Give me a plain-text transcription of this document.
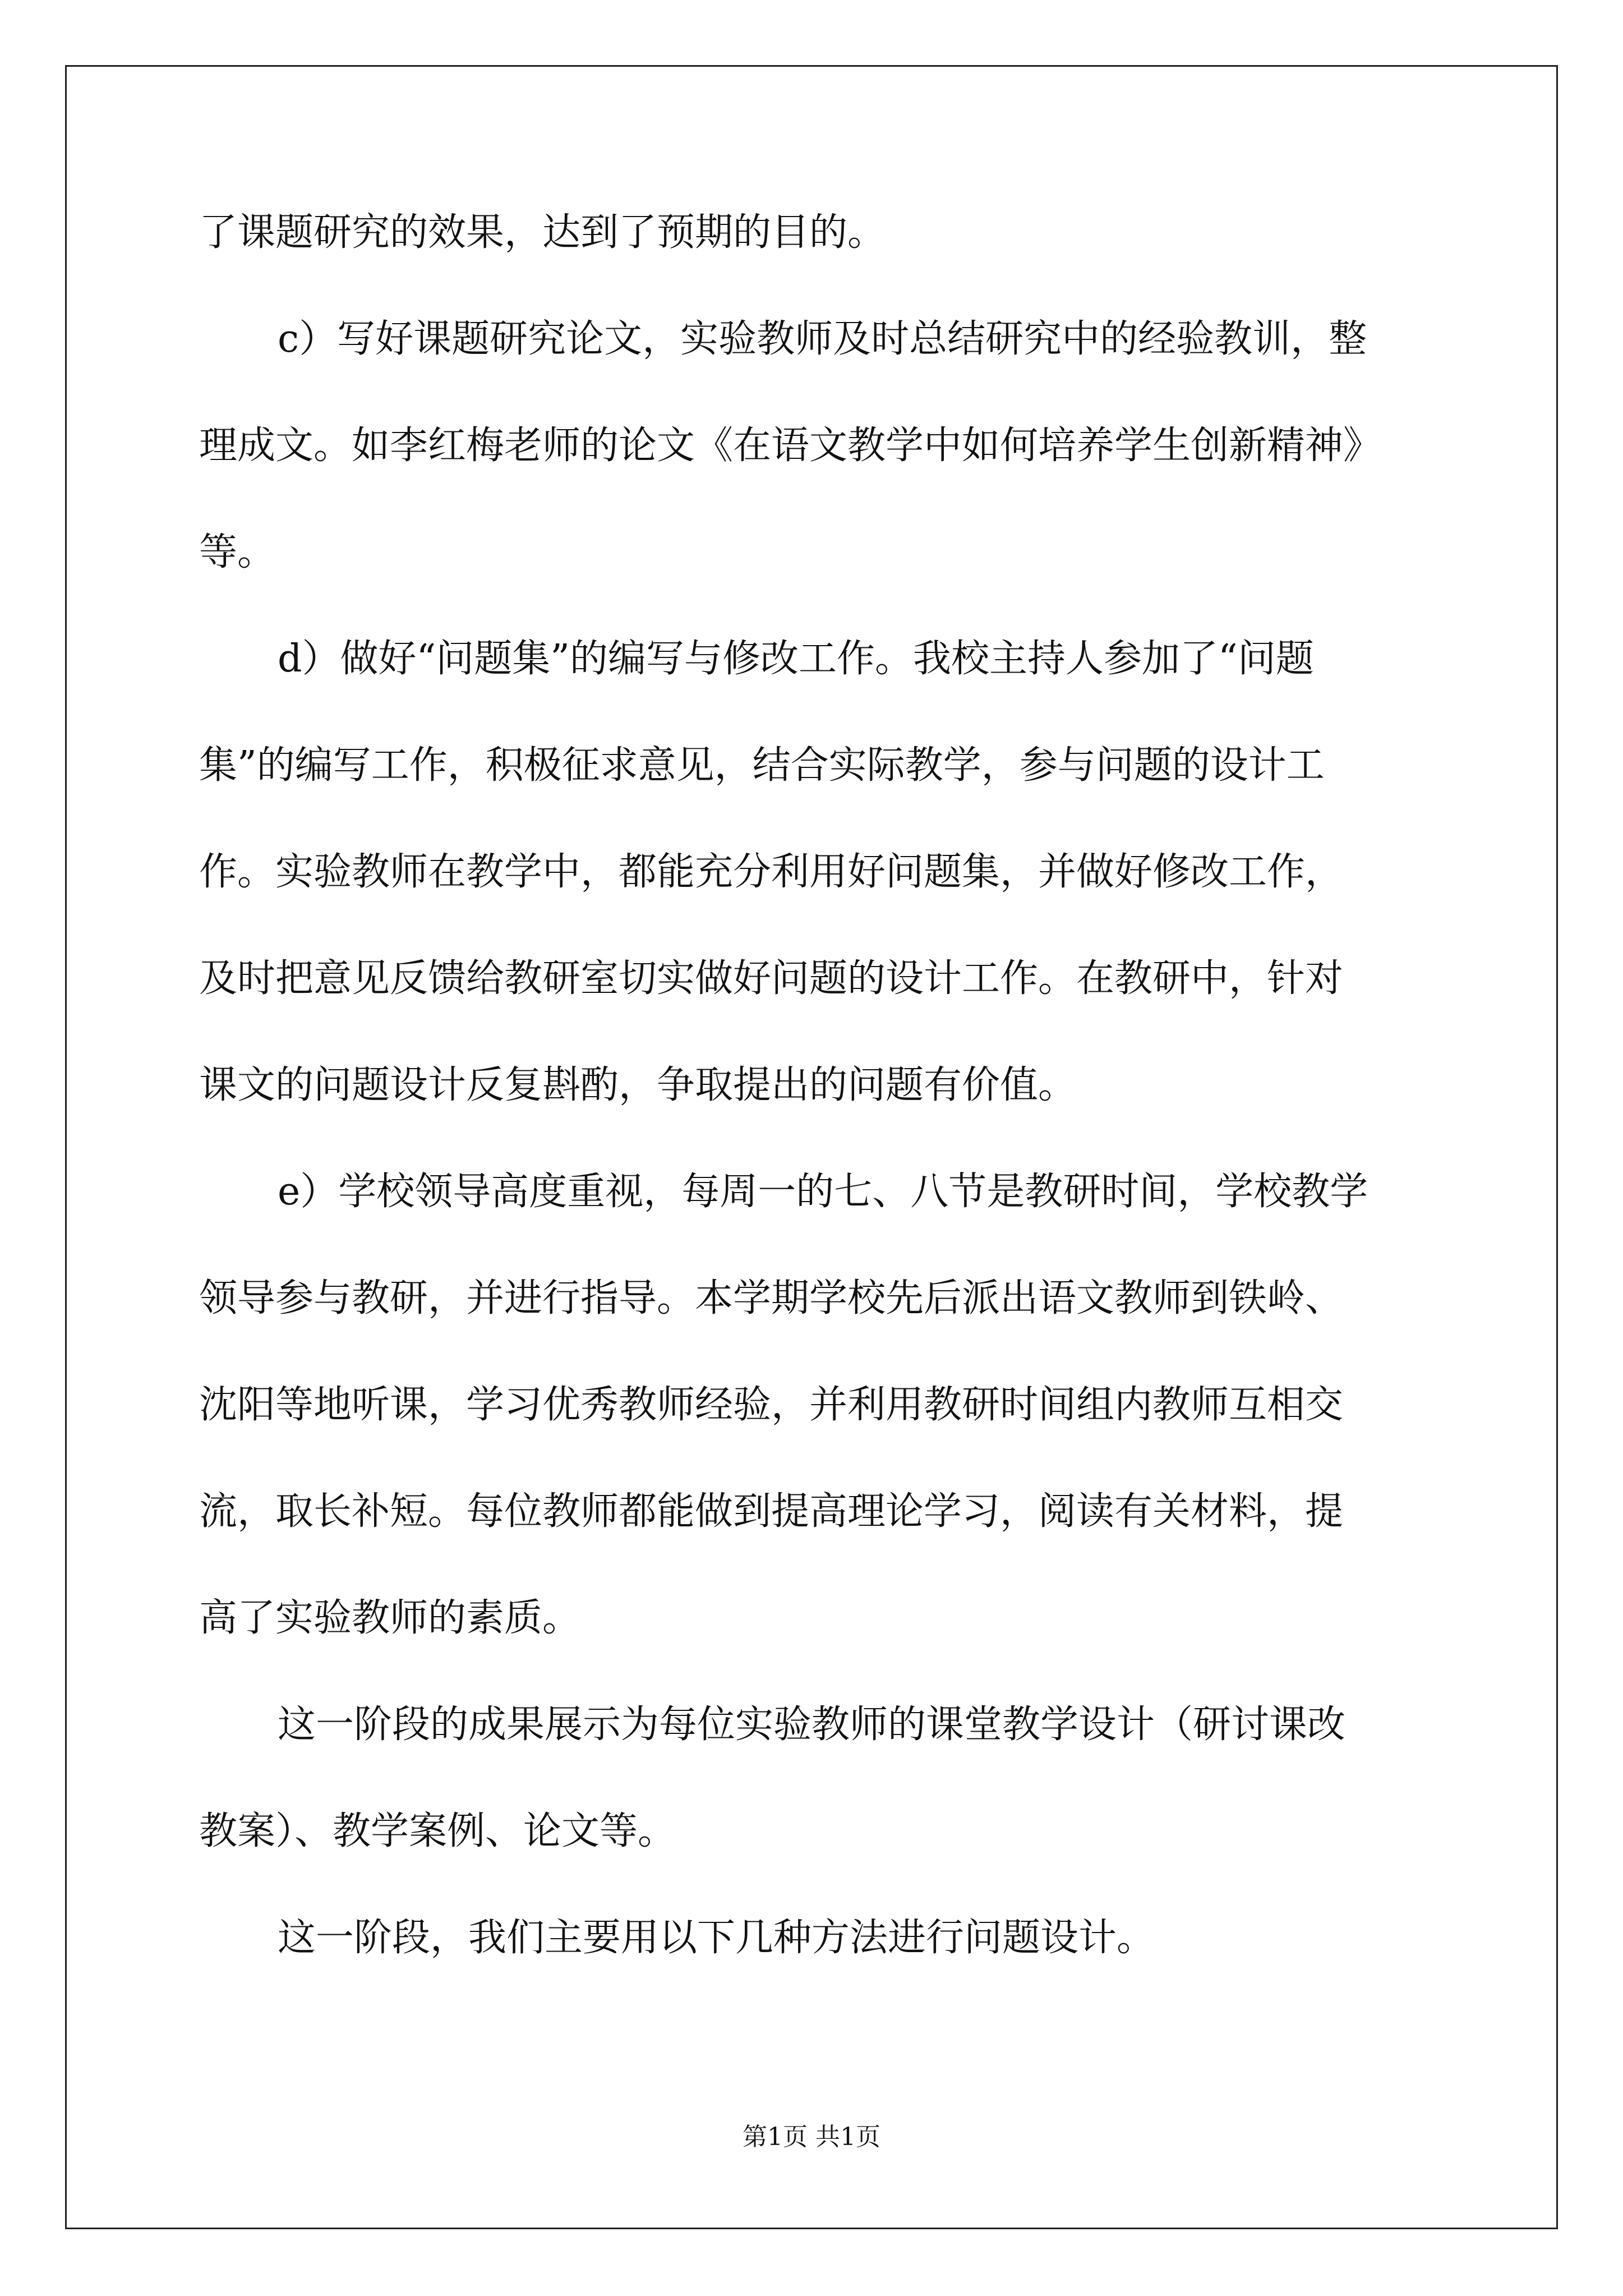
了课题研究的效果，达到了预期的目的。
c）写好课题研究论文，实验教师及时总结研究中的经验教训，整
理成文。如李红梅老师的论文《在语文教学中如何培养学生创新精神》
等。
d）做好“问题集”的编写与修改工作。我校主持人参加了“问题
集”的编写工作，积极征求意见，结合实际教学，参与问题的设计工
作。实验教师在教学中，都能充分利用好问题集，并做好修改工作，
及时把意见反馈给教研室切实做好问题的设计工作。在教研中，针对
课文的问题设计反复斟酌，争取提出的问题有价值。
e）学校领导高度重视，每周一的七、八节是教研时间，学校教学
领导参与教研，并进行指导。本学期学校先后派出语文教师到铁岭、
沈阳等地听课，学习优秀教师经验，并利用教研时间组内教师互相交
流，取长补短。每位教师都能做到提高理论学习，阅读有关材料，提
高了实验教师的素质。
这一阶段的成果展示为每位实验教师的课堂教学设计（研讨课改
教案）、教学案例、论文等。
这一阶段，我们主要用以下几种方法进行问题设计。
第1页 共1页
